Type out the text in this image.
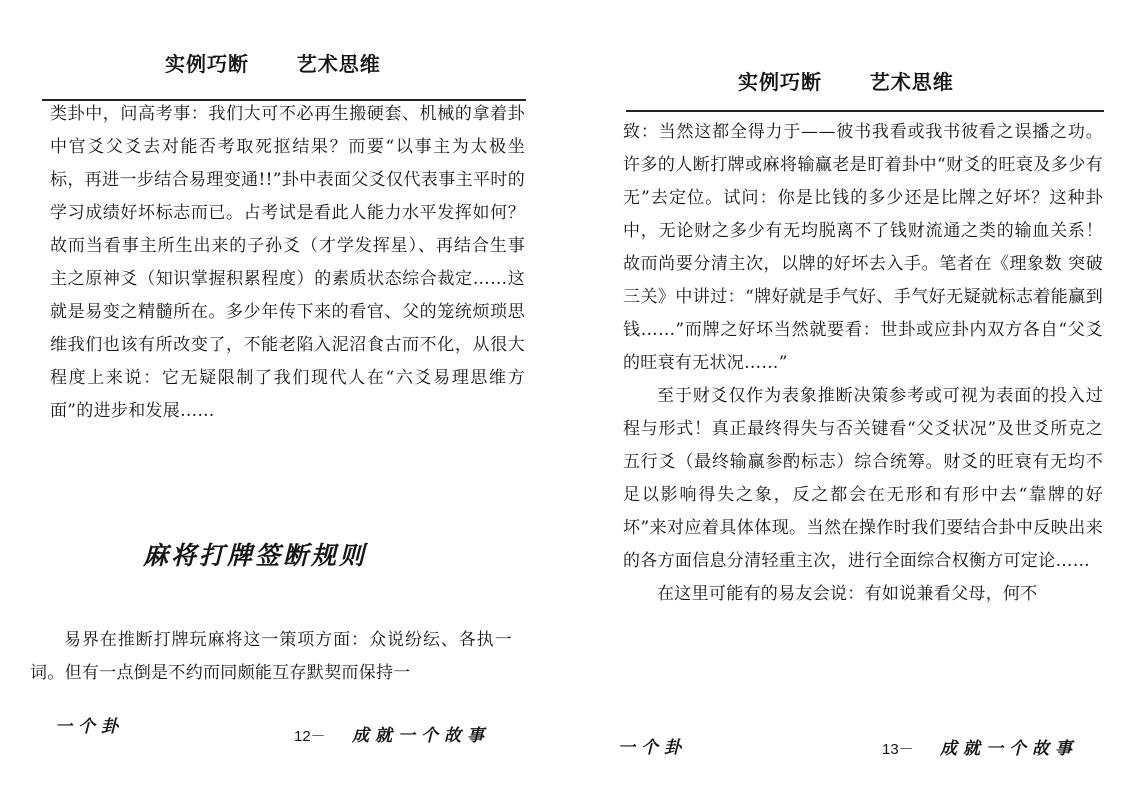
实例巧断      艺术思维

类卦中，问高考事：我们大可不必再生搬硬套、机械的拿着卦中官爻父爻去对能否考取死抠结果？而要“以事主为太极坐标，再进一步结合易理变通!!”卦中表面父爻仅代表事主平时的学习成绩好坏标志而已。占考试是看此人能力水平发挥如何？故而当看事主所生出来的子孙爻（才学发挥星）、再结合生事主之原神爻（知识掌握积累程度）的素质状态综合裁定……这就是易变之精髓所在。多少年传下来的看官、父的笼统烦琐思维我们也该有所改变了，不能老陷入泥沼食古而不化，从很大程度上来说：它无疑限制了我们现代人在“六爻易理思维方面”的进步和发展……

麻将打牌签断规则

易界在推断打牌玩麻将这一策项方面：众说纷纭、各执一词。但有一点倒是不约而同颇能互存默契而保持一

一个卦	12－ 成就一个故事
实例巧断      艺术思维

致：当然这都全得力于——彼书我看或我书彼看之误播之功。许多的人断打牌或麻将输赢老是盯着卦中“财爻的旺衰及多少有无”去定位。试问：你是比钱的多少还是比牌之好坏？这种卦中，无论财之多少有无均脱离不了钱财流通之类的输血关系！故而尚要分清主次，以牌的好坏去入手。笔者在《理象数 突破三关》中讲过：“牌好就是手气好、手气好无疑就标志着能赢到钱……”而牌之好坏当然就要看：世卦或应卦内双方各自“父爻的旺衰有无状况……”

至于财爻仅作为表象推断决策参考或可视为表面的投入过程与形式！真正最终得失与否关键看“父爻状况”及世爻所克之五行爻（最终输赢参酌标志）综合统筹。财爻的旺衰有无均不足以影响得失之象，反之都会在无形和有形中去“靠牌的好坏”来对应着具体体现。当然在操作时我们要结合卦中反映出来的各方面信息分清轻重主次，进行全面综合权衡方可定论……

在这里可能有的易友会说：有如说兼看父母，何不

一个卦	13－ 成就一个故事
